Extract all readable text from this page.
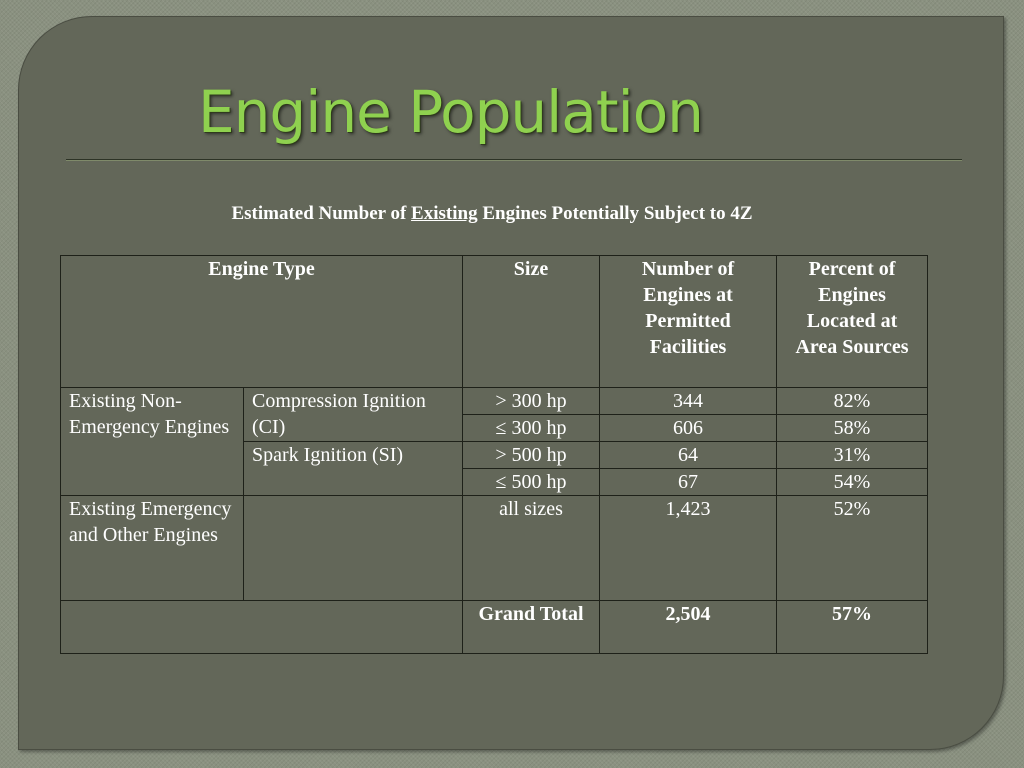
Engine Population

Estimated Number of Existing Engines Potentially Subject to 4Z

Engine Type		Size	Number of Engines at Permitted Facilities	Percent of Engines Located at Area Sources
Existing Non-Emergency Engines	Compression Ignition (CI)	> 300 hp	344	82%
		≤ 300 hp	606	58%
	Spark Ignition (SI)	> 500 hp	64	31%
		≤ 500 hp	67	54%
Existing Emergency and Other Engines		all sizes	1,423	52%
		Grand Total	2,504	57%
